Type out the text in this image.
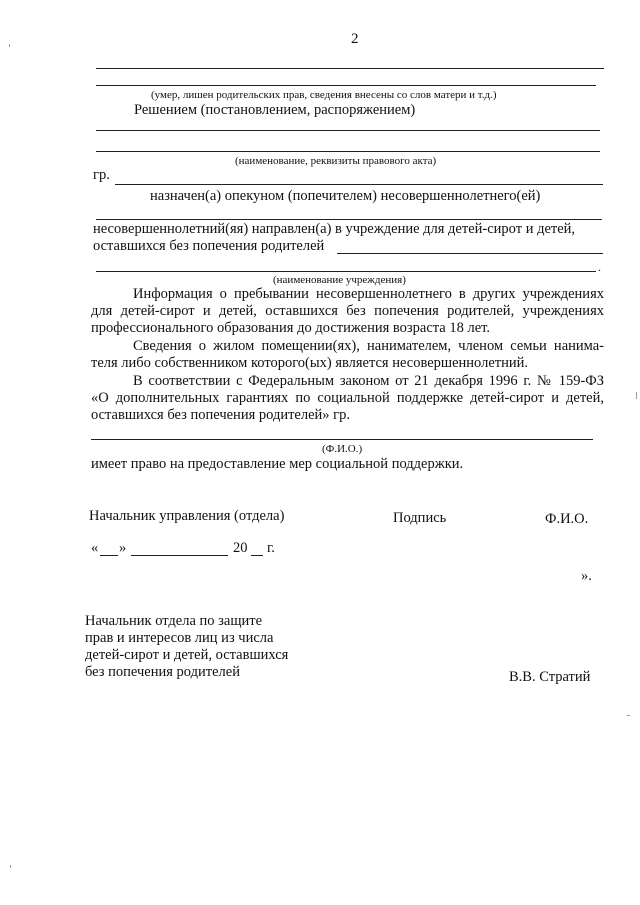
2
(умер, лишен родительских прав, сведения внесены со слов матери и т.д.)
Решением (постановлением, распоряжением)
(наименование, реквизиты правового акта)
гр.
назначен(а) опекуном (попечителем) несовершеннолетнего(ей)
несовершеннолетний(яя) направлен(а) в учреждение для детей-сирот и детей,
оставшихся без попечения родителей
.
(наименование учреждения)
Информация о пребывании несовершеннолетнего в других учреждениях
для детей-сирот и детей, оставшихся без попечения родителей, учреждениях
профессионального образования до достижения возраста 18 лет.
Сведения о жилом помещении(ях), нанимателем, членом семьи нанима-
теля либо собственником которого(ых) является несовершеннолетний.
В соответствии с Федеральным законом от 21 декабря 1996 г. № 159-ФЗ
«О дополнительных гарантиях по социальной поддержке детей-сирот и детей,
оставшихся без попечения родителей» гр.
(Ф.И.О.)
имеет право на предоставление мер социальной поддержки.
Начальник управления (отдела)	Подпись	Ф.И.О.
« »	20 г.
».
Начальник отдела по защите
прав и интересов лиц из числа
детей-сирот и детей, оставшихся
без попечения родителей	В.В. Стратий
